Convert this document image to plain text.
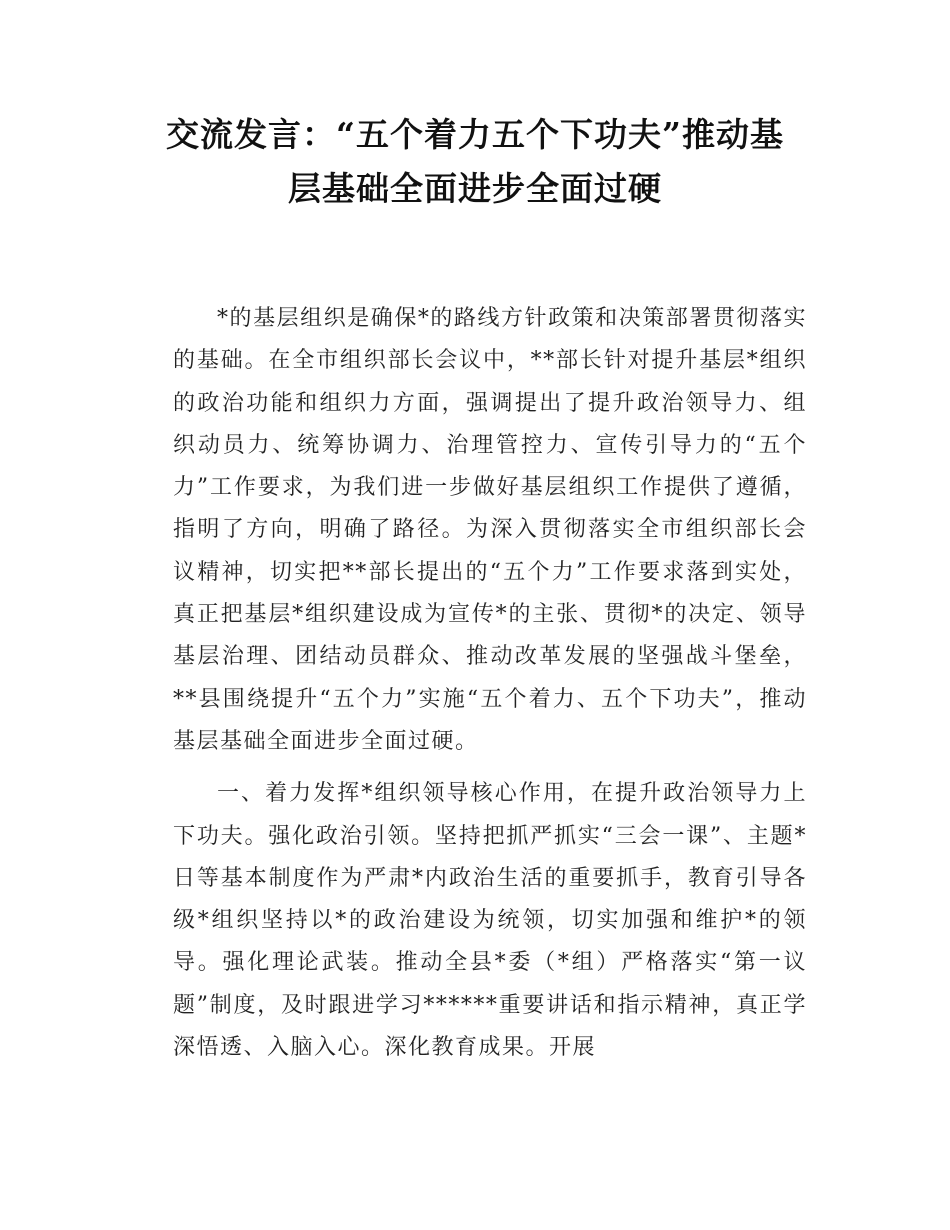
交流发言：“五个着力五个下功夫”推动基
层基础全面进步全面过硬

*的基层组织是确保*的路线方针政策和决策部署贯彻落实的基础。在全市组织部长会议中，**部长针对提升基层*组织的政治功能和组织力方面，强调提出了提升政治领导力、组织动员力、统筹协调力、治理管控力、宣传引导力的“五个力”工作要求，为我们进一步做好基层组织工作提供了遵循，指明了方向，明确了路径。为深入贯彻落实全市组织部长会议精神，切实把**部长提出的“五个力”工作要求落到实处，真正把基层*组织建设成为宣传*的主张、贯彻*的决定、领导基层治理、团结动员群众、推动改革发展的坚强战斗堡垒，**县围绕提升“五个力”实施“五个着力、五个下功夫”，推动基层基础全面进步全面过硬。

一、着力发挥*组织领导核心作用，在提升政治领导力上下功夫。强化政治引领。坚持把抓严抓实“三会一课”、主题*日等基本制度作为严肃*内政治生活的重要抓手，教育引导各级*组织坚持以*的政治建设为统领，切实加强和维护*的领导。强化理论武装。推动全县*委（*组）严格落实“第一议题”制度，及时跟进学习******重要讲话和指示精神，真正学深悟透、入脑入心。深化教育成果。开展
